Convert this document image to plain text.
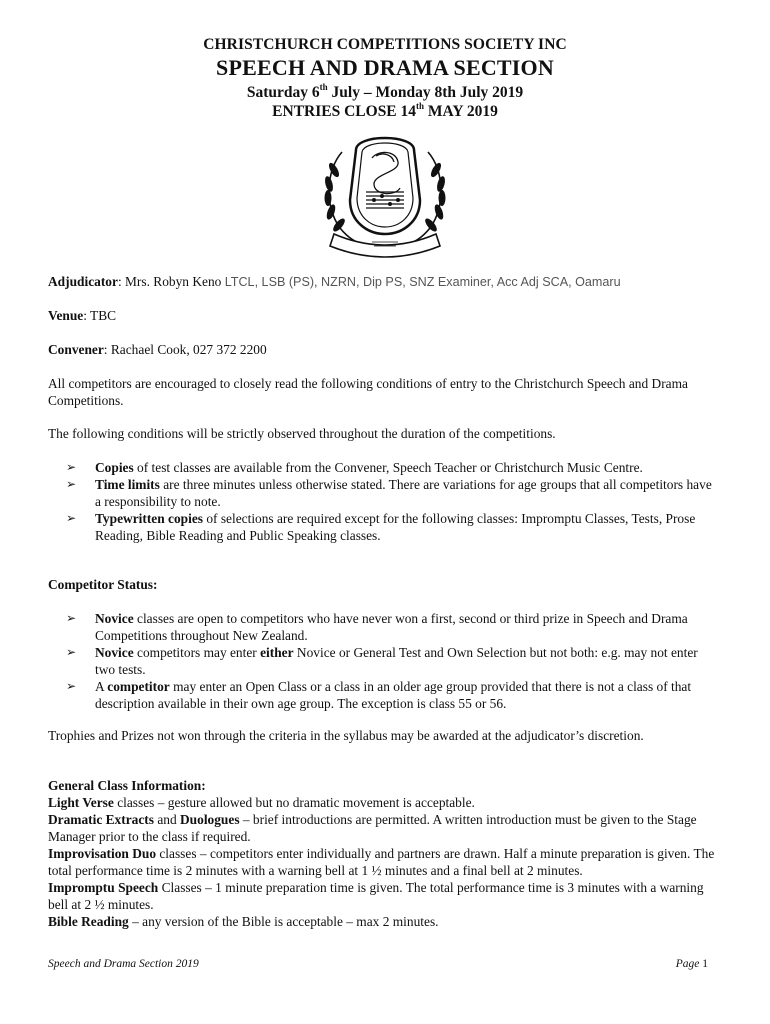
CHRISTCHURCH COMPETITIONS SOCIETY INC
SPEECH AND DRAMA SECTION
Saturday 6th July – Monday 8th July 2019
ENTRIES CLOSE 14th MAY 2019
Adjudicator: Mrs. Robyn Keno LTCL, LSB (PS), NZRN, Dip PS, SNZ Examiner, Acc Adj SCA, Oamaru
Venue: TBC
Convener: Rachael Cook, 027 372 2200
All competitors are encouraged to closely read the following conditions of entry to the Christchurch Speech and Drama Competitions.
The following conditions will be strictly observed throughout the duration of the competitions.
➢ Copies of test classes are available from the Convener, Speech Teacher or Christchurch Music Centre.
➢ Time limits are three minutes unless otherwise stated. There are variations for age groups that all competitors have a responsibility to note.
➢ Typewritten copies of selections are required except for the following classes: Impromptu Classes, Tests, Prose Reading, Bible Reading and Public Speaking classes.
Competitor Status:
➢ Novice classes are open to competitors who have never won a first, second or third prize in Speech and Drama Competitions throughout New Zealand.
➢ Novice competitors may enter either Novice or General Test and Own Selection but not both: e.g. may not enter two tests.
➢ A competitor may enter an Open Class or a class in an older age group provided that there is not a class of that description available in their own age group. The exception is class 55 or 56.
Trophies and Prizes not won through the criteria in the syllabus may be awarded at the adjudicator’s discretion.
General Class Information:
Light Verse classes – gesture allowed but no dramatic movement is acceptable.
Dramatic Extracts and Duologues – brief introductions are permitted. A written introduction must be given to the Stage Manager prior to the class if required.
Improvisation Duo classes – competitors enter individually and partners are drawn. Half a minute preparation is given. The total performance time is 2 minutes with a warning bell at 1 ½ minutes and a final bell at 2 minutes.
Impromptu Speech Classes – 1 minute preparation time is given. The total performance time is 3 minutes with a warning bell at 2 ½ minutes.
Bible Reading – any version of the Bible is acceptable – max 2 minutes.
Speech and Drama Section 2019	Page 1
